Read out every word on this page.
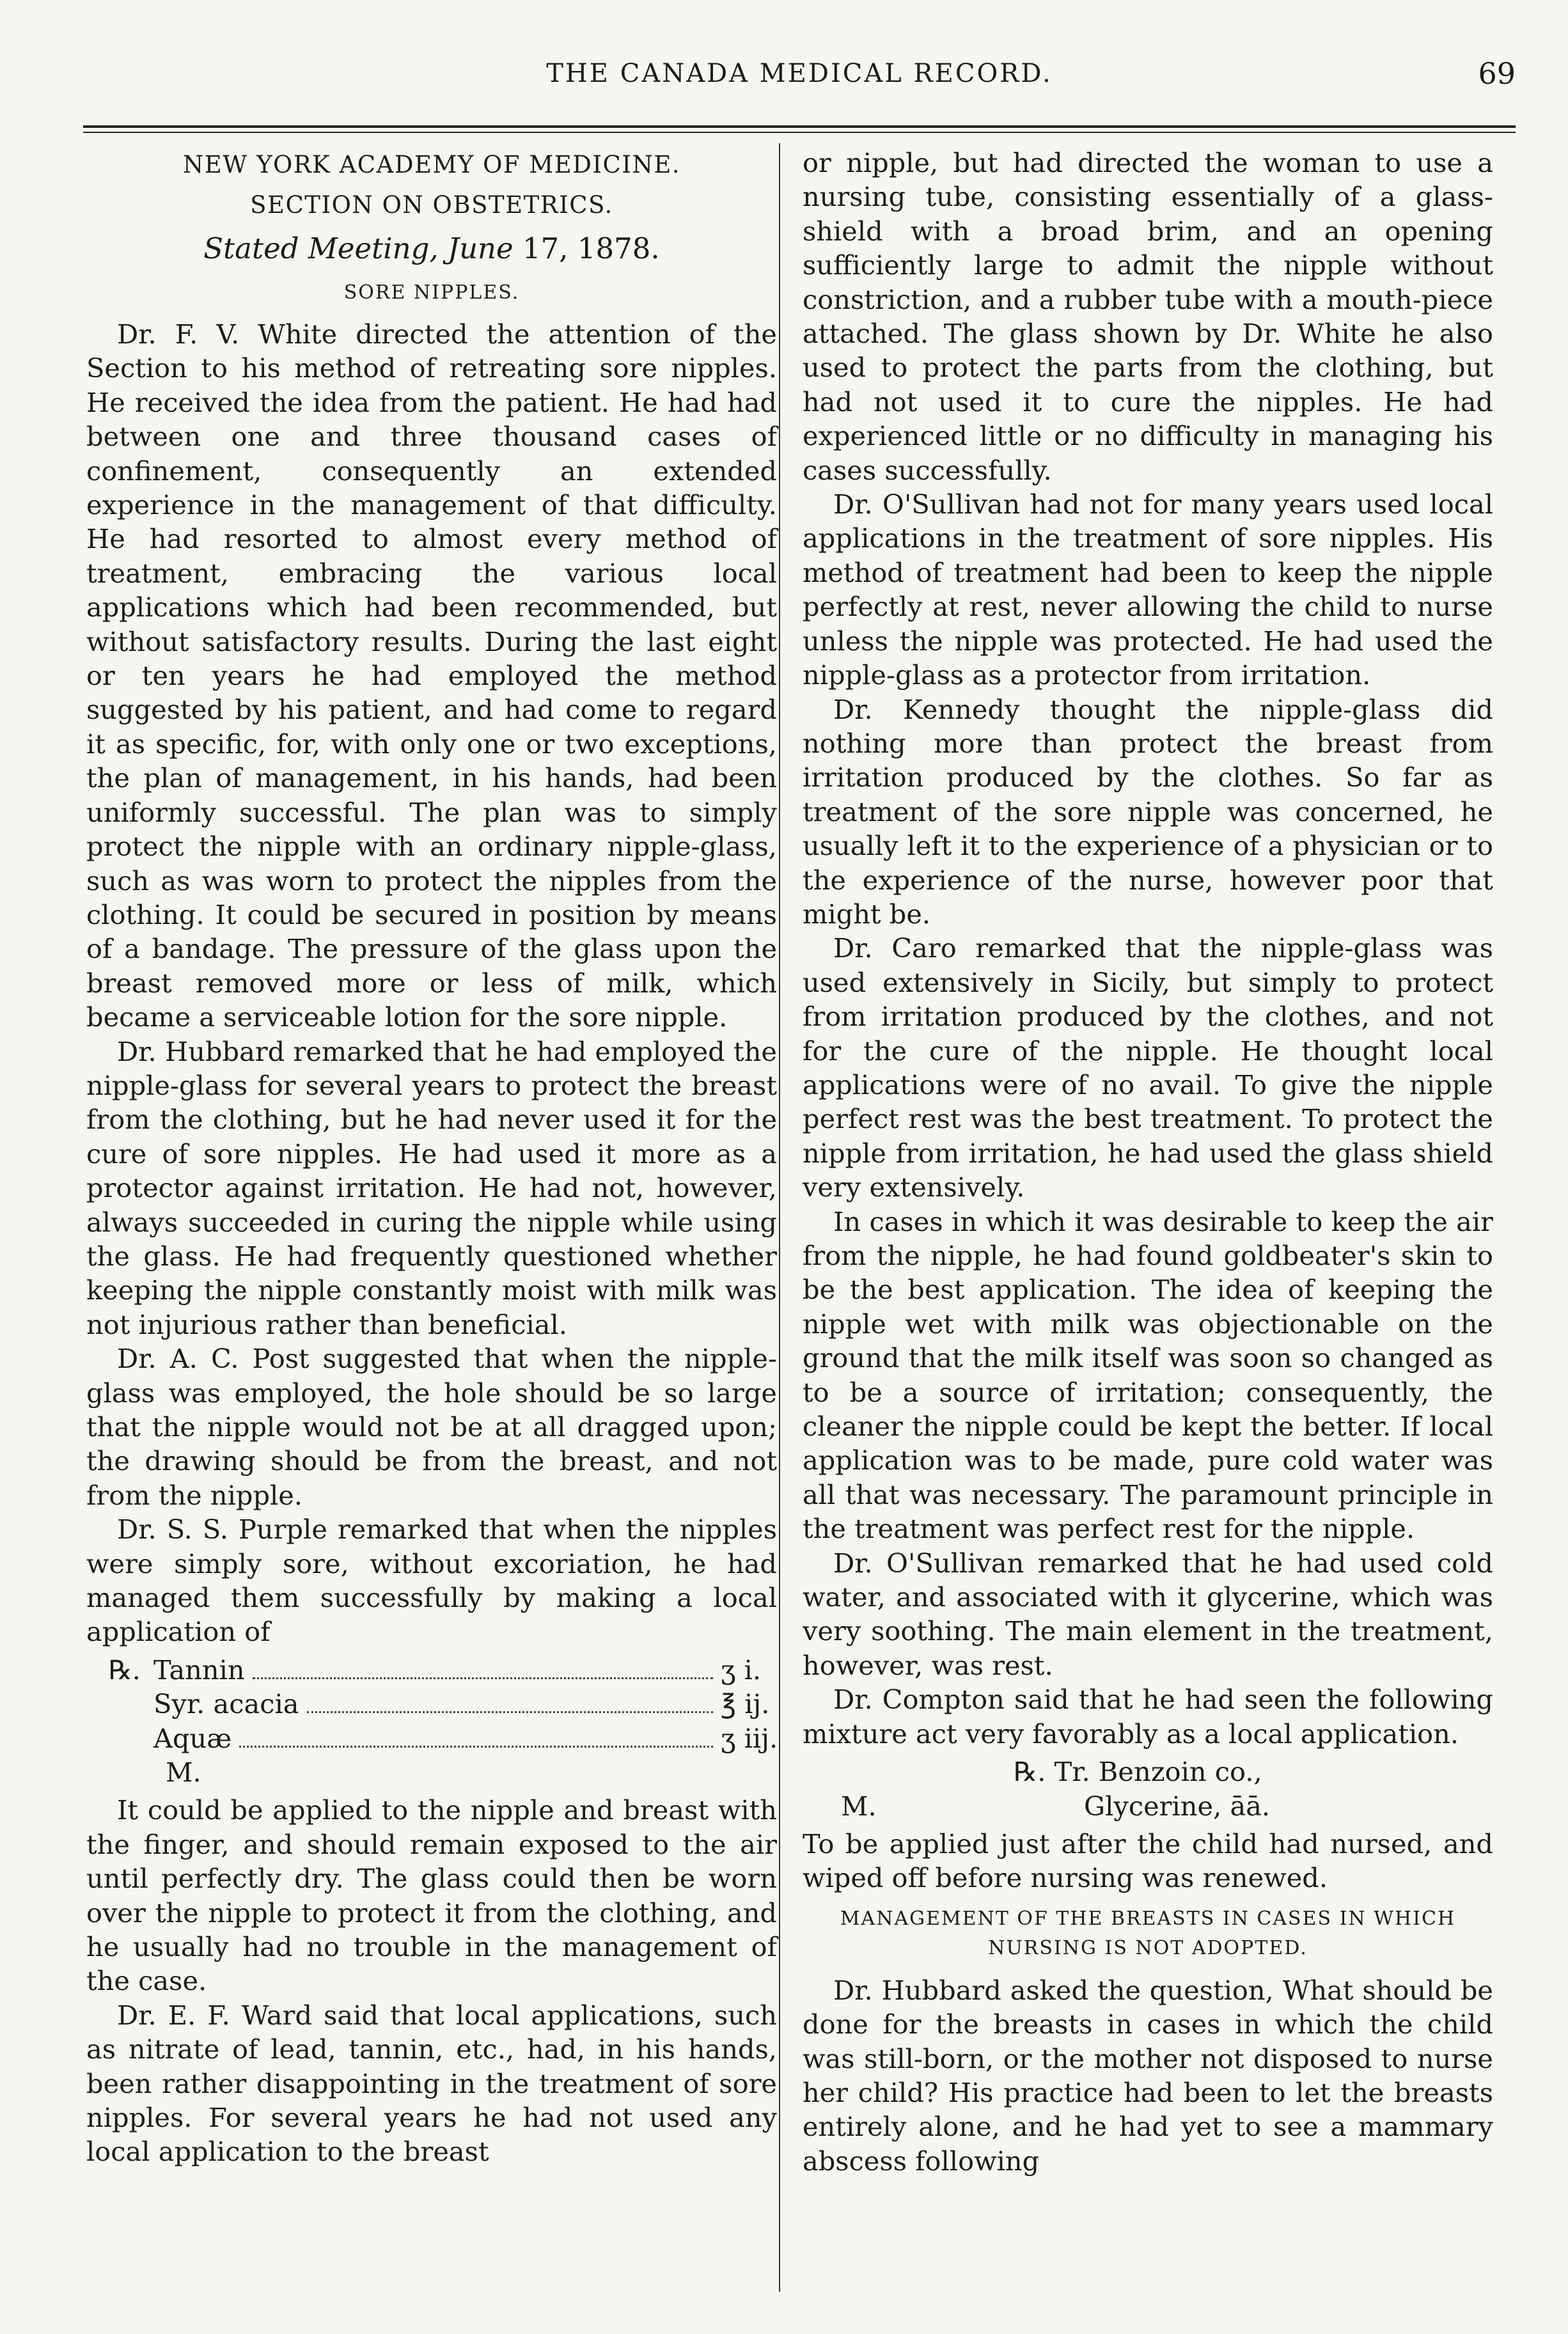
THE CANADA MEDICAL RECORD.	69

NEW YORK ACADEMY OF MEDICINE.

SECTION ON OBSTETRICS.

Stated Meeting, June 17, 1878.

SORE NIPPLES.

Dr. F. V. White directed the attention of the Section to his method of retreating sore nipples. He received the idea from the patient. He had had between one and three thousand cases of confinement, consequently an extended experience in the management of that difficulty. He had resorted to almost every method of treatment, embracing the various local applications which had been recommended, but without satisfactory results. During the last eight or ten years he had employed the method suggested by his patient, and had come to regard it as specific, for, with only one or two exceptions, the plan of management, in his hands, had been uniformly successful. The plan was to simply protect the nipple with an ordinary nipple-glass, such as was worn to protect the nipples from the clothing. It could be secured in position by means of a bandage. The pressure of the glass upon the breast removed more or less of milk, which became a serviceable lotion for the sore nipple.

Dr. Hubbard remarked that he had employed the nipple-glass for several years to protect the breast from the clothing, but he had never used it for the cure of sore nipples. He had used it more as a protector against irritation. He had not, however, always succeeded in curing the nipple while using the glass. He had frequently questioned whether keeping the nipple constantly moist with milk was not injurious rather than beneficial.

Dr. A. C. Post suggested that when the nipple-glass was employed, the hole should be so large that the nipple would not be at all dragged upon; the drawing should be from the breast, and not from the nipple.

Dr. S. S. Purple remarked that when the nipples were simply sore, without excoriation, he had managed them successfully by making a local application of

℞. Tannin	ʒ i.
Syr. acacia	℥ ij.
Aquæ	ʒ iij.
M.

It could be applied to the nipple and breast with the finger, and should remain exposed to the air until perfectly dry. The glass could then be worn over the nipple to protect it from the clothing, and he usually had no trouble in the management of the case.

Dr. E. F. Ward said that local applications, such as nitrate of lead, tannin, etc., had, in his hands, been rather disappointing in the treatment of sore nipples. For several years he had not used any local application to the breast

or nipple, but had directed the woman to use a nursing tube, consisting essentially of a glass-shield with a broad brim, and an opening sufficiently large to admit the nipple without constriction, and a rubber tube with a mouth-piece attached. The glass shown by Dr. White he also used to protect the parts from the clothing, but had not used it to cure the nipples. He had experienced little or no difficulty in managing his cases successfully.

Dr. O'Sullivan had not for many years used local applications in the treatment of sore nipples. His method of treatment had been to keep the nipple perfectly at rest, never allowing the child to nurse unless the nipple was protected. He had used the nipple-glass as a protector from irritation.

Dr. Kennedy thought the nipple-glass did nothing more than protect the breast from irritation produced by the clothes. So far as treatment of the sore nipple was concerned, he usually left it to the experience of a physician or to the experience of the nurse, however poor that might be.

Dr. Caro remarked that the nipple-glass was used extensively in Sicily, but simply to protect from irritation produced by the clothes, and not for the cure of the nipple. He thought local applications were of no avail. To give the nipple perfect rest was the best treatment. To protect the nipple from irritation, he had used the glass shield very extensively.

In cases in which it was desirable to keep the air from the nipple, he had found goldbeater's skin to be the best application. The idea of keeping the nipple wet with milk was objectionable on the ground that the milk itself was soon so changed as to be a source of irritation; consequently, the cleaner the nipple could be kept the better. If local application was to be made, pure cold water was all that was necessary. The paramount principle in the treatment was perfect rest for the nipple.

Dr. O'Sullivan remarked that he had used cold water, and associated with it glycerine, which was very soothing. The main element in the treatment, however, was rest.

Dr. Compton said that he had seen the following mixture act very favorably as a local application.

℞. Tr. Benzoin co.,
M.	Glycerine, āā.

To be applied just after the child had nursed, and wiped off before nursing was renewed.

MANAGEMENT OF THE BREASTS IN CASES IN WHICH NURSING IS NOT ADOPTED.

Dr. Hubbard asked the question, What should be done for the breasts in cases in which the child was still-born, or the mother not disposed to nurse her child? His practice had been to let the breasts entirely alone, and he had yet to see a mammary abscess following
